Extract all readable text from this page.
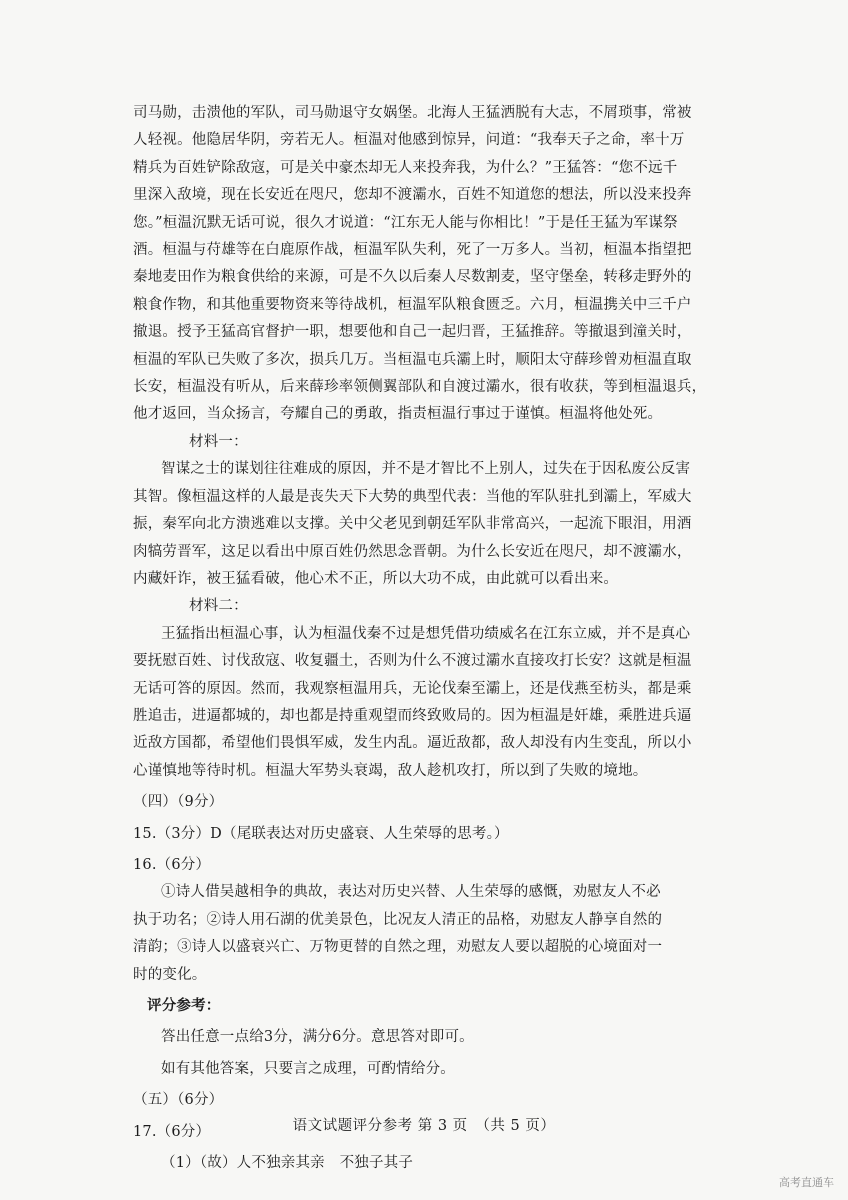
司马勋，击溃他的军队，司马勋退守女娲堡。北海人王猛洒脱有大志，不屑琐事，常被
人轻视。他隐居华阴，旁若无人。桓温对他感到惊异，问道：“我奉天子之命，率十万
精兵为百姓铲除敌寇，可是关中豪杰却无人来投奔我，为什么？”王猛答：“您不远千
里深入敌境，现在长安近在咫尺，您却不渡灞水，百姓不知道您的想法，所以没来投奔
您。”桓温沉默无话可说，很久才说道：“江东无人能与你相比！”于是任王猛为军谋祭
酒。桓温与苻雄等在白鹿原作战，桓温军队失利，死了一万多人。当初，桓温本指望把
秦地麦田作为粮食供给的来源，可是不久以后秦人尽数割麦，坚守堡垒，转移走野外的
粮食作物，和其他重要物资来等待战机，桓温军队粮食匮乏。六月，桓温携关中三千户
撤退。授予王猛高官督护一职，想要他和自己一起归晋，王猛推辞。等撤退到潼关时，
桓温的军队已失败了多次，损兵几万。当桓温屯兵灞上时，顺阳太守薛珍曾劝桓温直取
长安，桓温没有听从，后来薛珍率领侧翼部队和自渡过灞水，很有收获，等到桓温退兵，
他才返回，当众扬言，夸耀自己的勇敢，指责桓温行事过于谨慎。桓温将他处死。
材料一：
智谋之士的谋划往往难成的原因，并不是才智比不上别人，过失在于因私废公反害
其智。像桓温这样的人最是丧失天下大势的典型代表：当他的军队驻扎到灞上，军威大
振，秦军向北方溃逃难以支撑。关中父老见到朝廷军队非常高兴，一起流下眼泪，用酒
肉犒劳晋军，这足以看出中原百姓仍然思念晋朝。为什么长安近在咫尺，却不渡灞水，
内藏奸诈，被王猛看破，他心术不正，所以大功不成，由此就可以看出来。
材料二：
王猛指出桓温心事，认为桓温伐秦不过是想凭借功绩威名在江东立威，并不是真心
要抚慰百姓、讨伐敌寇、收复疆土，否则为什么不渡过灞水直接攻打长安？这就是桓温
无话可答的原因。然而，我观察桓温用兵，无论伐秦至灞上，还是伐燕至枋头，都是乘
胜追击，进逼都城的，却也都是持重观望而终致败局的。因为桓温是奸雄，乘胜进兵逼
近敌方国都，希望他们畏惧军威，发生内乱。逼近敌都，敌人却没有内生变乱，所以小
心谨慎地等待时机。桓温大军势头衰竭，敌人趁机攻打，所以到了失败的境地。
（四）（9分）
15.（3分）D（尾联表达对历史盛衰、人生荣辱的思考。）
16.（6分）
①诗人借吴越相争的典故，表达对历史兴替、人生荣辱的感慨，劝慰友人不必
执于功名；②诗人用石湖的优美景色，比况友人清正的品格，劝慰友人静享自然的
清韵；③诗人以盛衰兴亡、万物更替的自然之理，劝慰友人要以超脱的心境面对一
时的变化。
评分参考：
答出任意一点给3分，满分6分。意思答对即可。
如有其他答案，只要言之成理，可酌情给分。
（五）（6分）
17.（6分）
（1）（故）人不独亲其亲　不独子其子
语文试题评分参考 第 3 页　（共 5 页）
高考直通车
